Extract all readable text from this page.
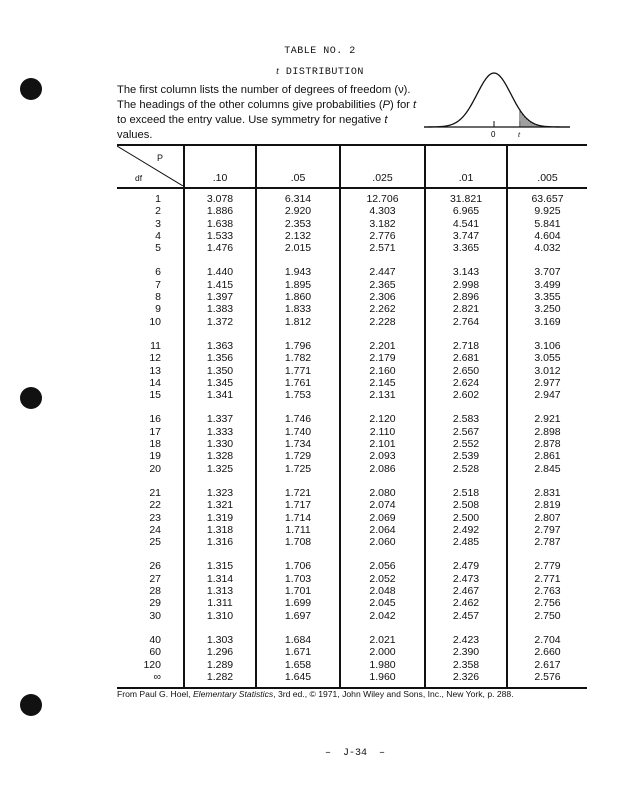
TABLE NO. 2
t DISTRIBUTION
The first column lists the number of degrees of freedom (ν). The headings of the other columns give probabilities (P) for t to exceed the entry value. Use symmetry for negative t values.	0	t
P
df	.10	.05	.025	.01	.005
1	3.078	6.314	12.706	31.821	63.657
2	1.886	2.920	4.303	6.965	9.925
3	1.638	2.353	3.182	4.541	5.841
4	1.533	2.132	2.776	3.747	4.604
5	1.476	2.015	2.571	3.365	4.032

6	1.440	1.943	2.447	3.143	3.707
7	1.415	1.895	2.365	2.998	3.499
8	1.397	1.860	2.306	2.896	3.355
9	1.383	1.833	2.262	2.821	3.250
10	1.372	1.812	2.228	2.764	3.169

11	1.363	1.796	2.201	2.718	3.106
12	1.356	1.782	2.179	2.681	3.055
13	1.350	1.771	2.160	2.650	3.012
14	1.345	1.761	2.145	2.624	2.977
15	1.341	1.753	2.131	2.602	2.947

16	1.337	1.746	2.120	2.583	2.921
17	1.333	1.740	2.110	2.567	2.898
18	1.330	1.734	2.101	2.552	2.878
19	1.328	1.729	2.093	2.539	2.861
20	1.325	1.725	2.086	2.528	2.845

21	1.323	1.721	2.080	2.518	2.831
22	1.321	1.717	2.074	2.508	2.819
23	1.319	1.714	2.069	2.500	2.807
24	1.318	1.711	2.064	2.492	2.797
25	1.316	1.708	2.060	2.485	2.787

26	1.315	1.706	2.056	2.479	2.779
27	1.314	1.703	2.052	2.473	2.771
28	1.313	1.701	2.048	2.467	2.763
29	1.311	1.699	2.045	2.462	2.756
30	1.310	1.697	2.042	2.457	2.750

40	1.303	1.684	2.021	2.423	2.704
60	1.296	1.671	2.000	2.390	2.660
120	1.289	1.658	1.980	2.358	2.617
∞	1.282	1.645	1.960	2.326	2.576
From Paul G. Hoel, Elementary Statistics, 3rd ed., © 1971, John Wiley and Sons, Inc., New York, p. 288.
–  J-34  –
